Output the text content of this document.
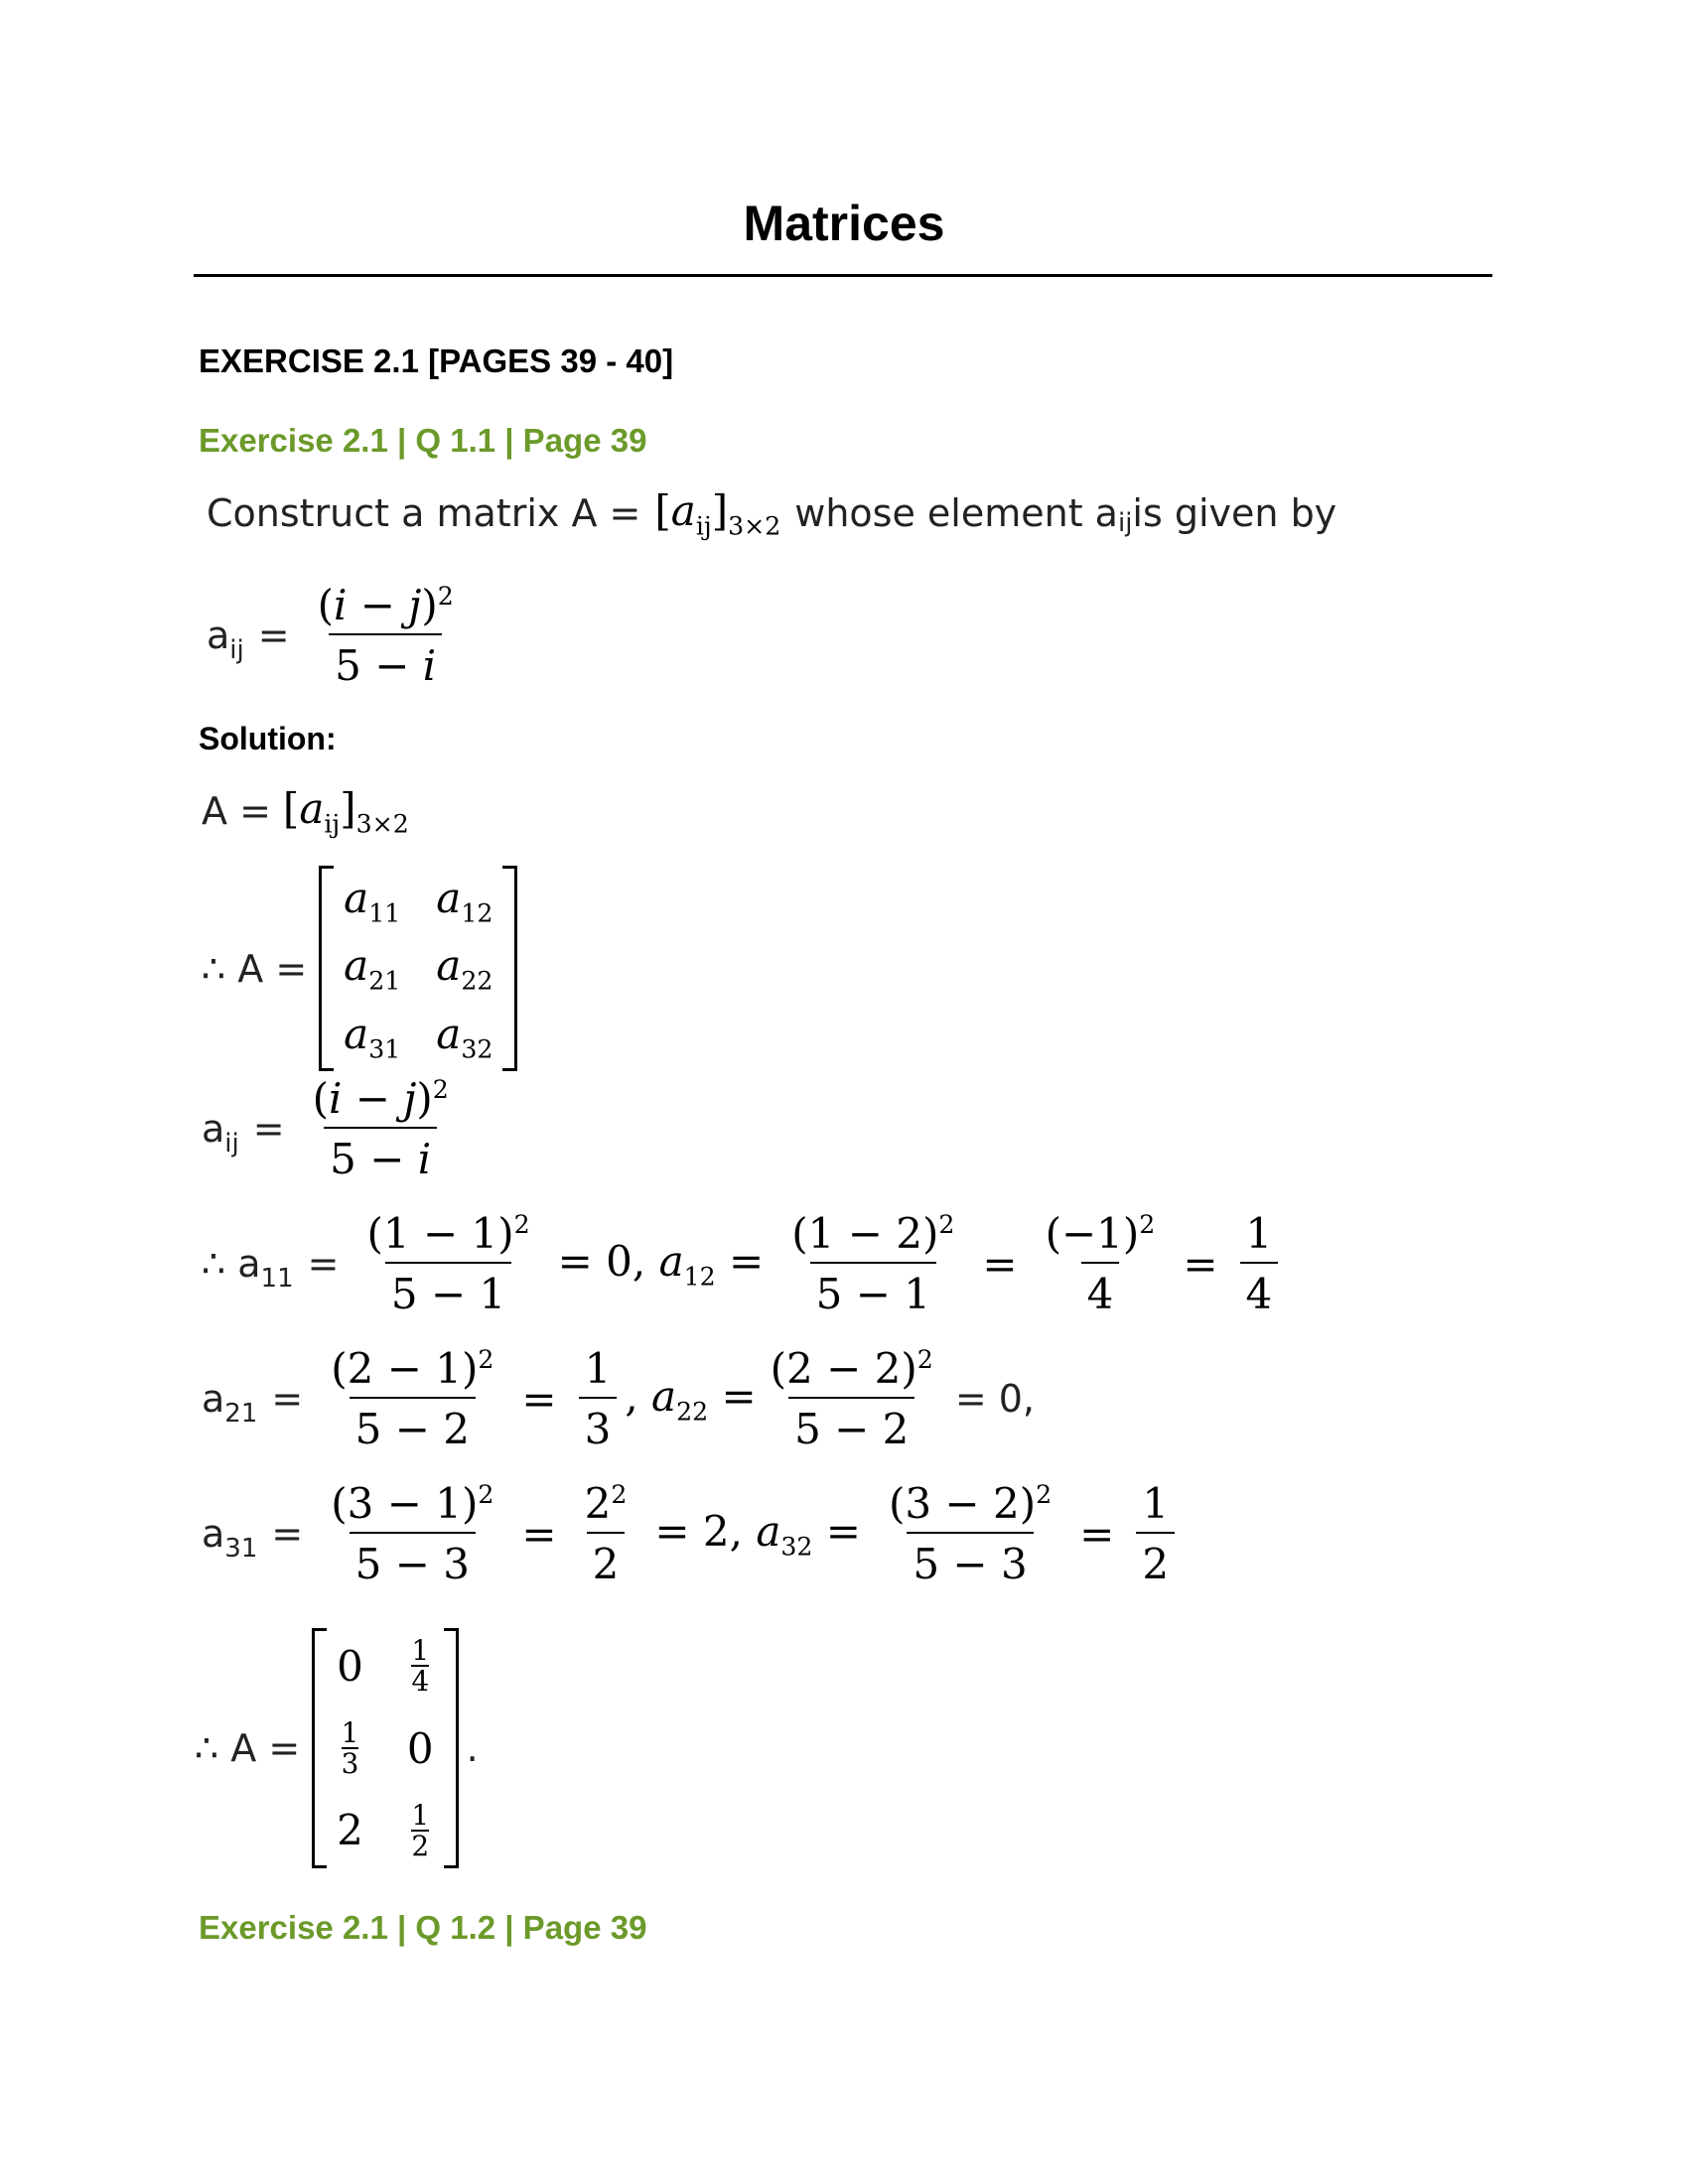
Matrices
EXERCISE 2.1 [PAGES 39 - 40]
Exercise 2.1 | Q 1.1 | Page 39
Construct a matrix $A = [a_{ij}]_{3\times 2}$ whose element a ij is given by
$a_{ij} = \frac{(i - j)^2}{5 - i}$
Solution:
$A = [a_{ij}]_{3\times 2}$
∴ A =
$a_{11}$ $a_{12}$
$a_{21}$ $a_{22}$
$a_{31}$ $a_{32}$
$a_{ij} = \frac{(i - j)^2}{5 - i}$
∴ $a_{11} = \frac{(1 - 1)^2}{5 - 1} = 0$, $a_{12} = \frac{(1 - 2)^2}{5 - 1} = \frac{(-1)^2}{4} = \frac{1}{4}$
$a_{21} = \frac{(2 - 1)^2}{5 - 2} = \frac{1}{3}$ , $a_{22} = \frac{(2 - 2)^2}{5 - 2} = 0$,
$a_{31} = \frac{(3 - 1)^2}{5 - 3} = \frac{2^2}{2} = 2$, $a_{32} = \frac{(3 - 2)^2}{5 - 3} = \frac{1}{2}$
∴ A =
0 1
4
1
3 0
2 1
2
.
Exercise 2.1 | Q 1.2 | Page 39
